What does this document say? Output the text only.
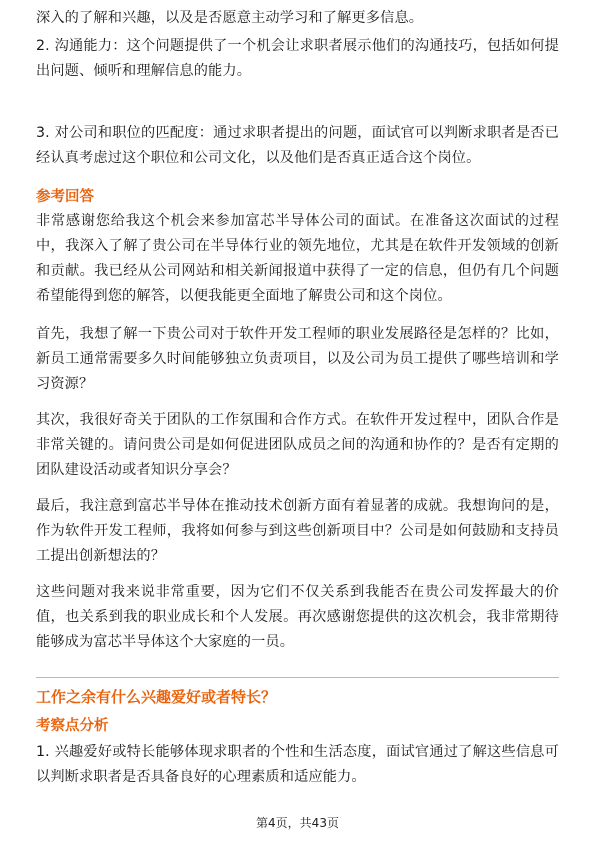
深入的了解和兴趣，以及是否愿意主动学习和了解更多信息。
2. 沟通能力：这个问题提供了一个机会让求职者展示他们的沟通技巧，包括如何提出问题、倾听和理解信息的能力。
3. 对公司和职位的匹配度：通过求职者提出的问题，面试官可以判断求职者是否已经认真考虑过这个职位和公司文化，以及他们是否真正适合这个岗位。
参考回答
非常感谢您给我这个机会来参加富芯半导体公司的面试。在准备这次面试的过程中，我深入了解了贵公司在半导体行业的领先地位，尤其是在软件开发领域的创新和贡献。我已经从公司网站和相关新闻报道中获得了一定的信息，但仍有几个问题希望能得到您的解答，以便我能更全面地了解贵公司和这个岗位。
首先，我想了解一下贵公司对于软件开发工程师的职业发展路径是怎样的？比如，新员工通常需要多久时间能够独立负责项目，以及公司为员工提供了哪些培训和学习资源？
其次，我很好奇关于团队的工作氛围和合作方式。在软件开发过程中，团队合作是非常关键的。请问贵公司是如何促进团队成员之间的沟通和协作的？是否有定期的团队建设活动或者知识分享会？
最后，我注意到富芯半导体在推动技术创新方面有着显著的成就。我想询问的是，作为软件开发工程师，我将如何参与到这些创新项目中？公司是如何鼓励和支持员工提出创新想法的？
这些问题对我来说非常重要，因为它们不仅关系到我能否在贵公司发挥最大的价值，也关系到我的职业成长和个人发展。再次感谢您提供的这次机会，我非常期待能够成为富芯半导体这个大家庭的一员。
工作之余有什么兴趣爱好或者特长？
考察点分析
1. 兴趣爱好或特长能够体现求职者的个性和生活态度，面试官通过了解这些信息可以判断求职者是否具备良好的心理素质和适应能力。
第4页，共43页
